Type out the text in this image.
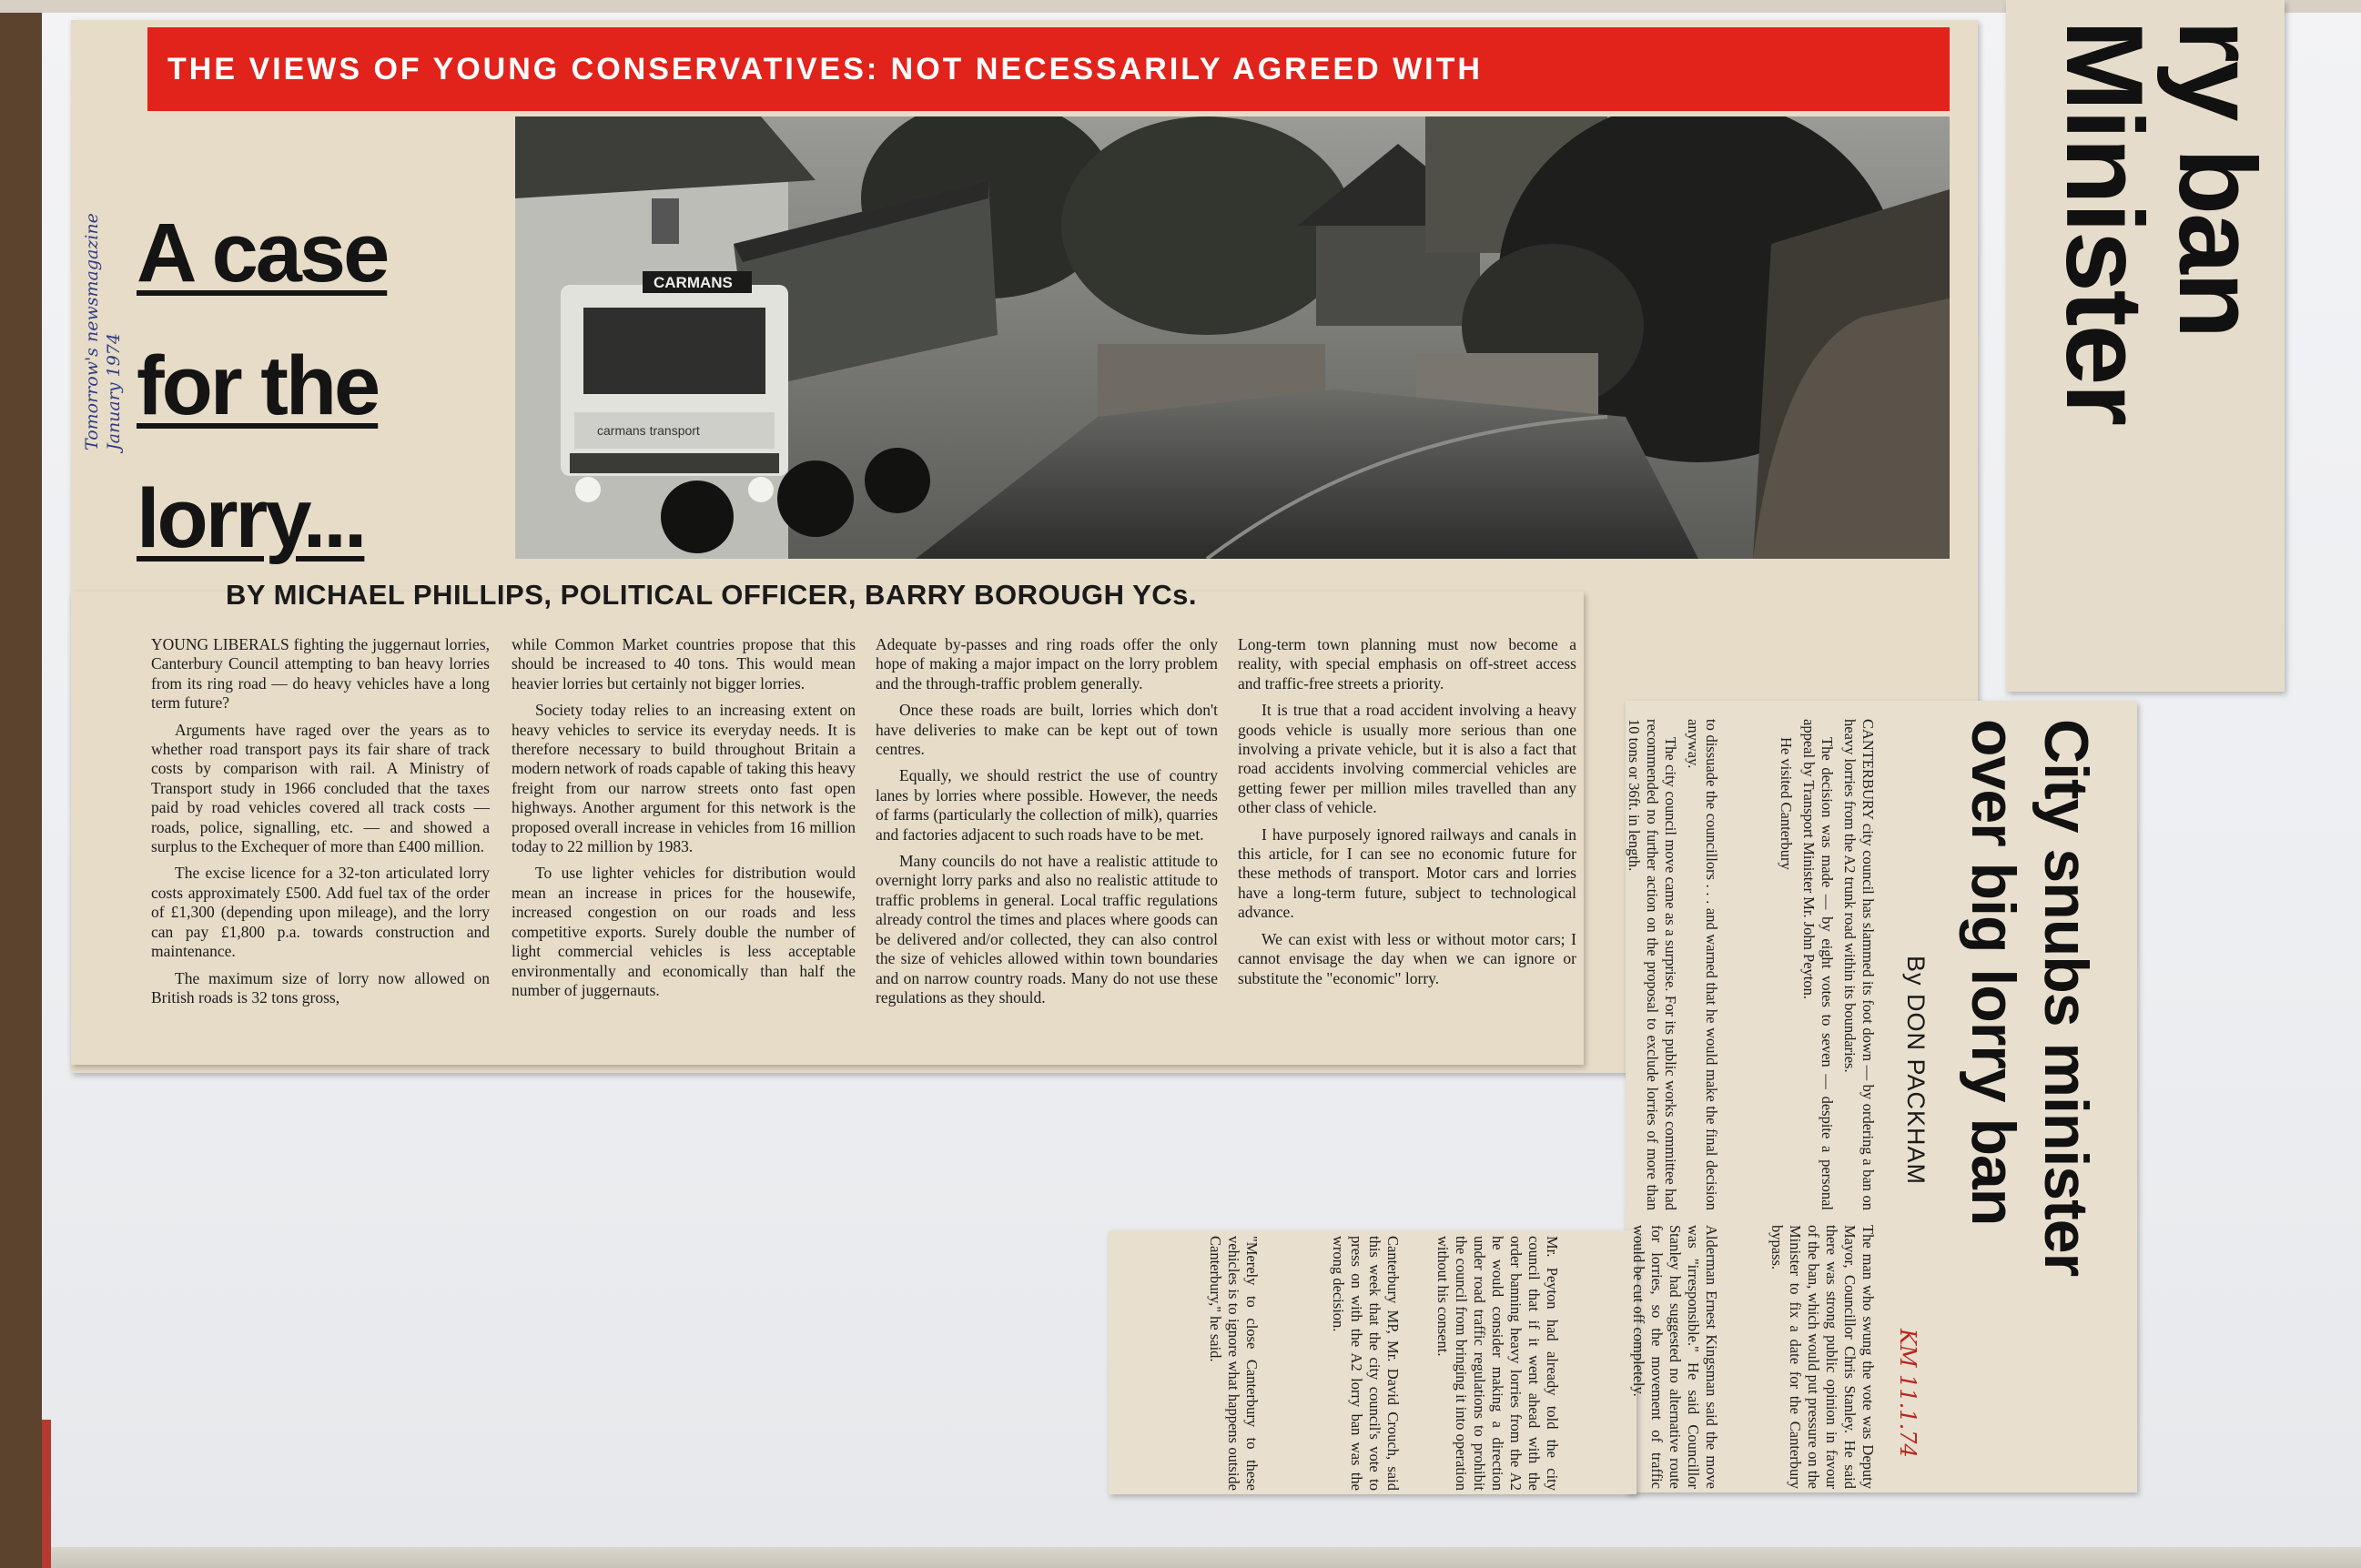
THE VIEWS OF YOUNG CONSERVATIVES: NOT NECESSARILY AGREED WITH
Tomorrow's newsmagazine January 1974
A case
for the
lorry...
CARMANS
carmans transport
BY MICHAEL PHILLIPS, POLITICAL OFFICER, BARRY BOROUGH YCs.

YOUNG LIBERALS fighting the juggernaut lorries, Canterbury Council attempting to ban heavy lorries from its ring road — do heavy vehicles have a long term future?

Arguments have raged over the years as to whether road transport pays its fair share of track costs by comparison with rail. A Ministry of Transport study in 1966 concluded that the taxes paid by road vehicles covered all track costs — roads, police, signalling, etc. — and showed a surplus to the Exchequer of more than £400 million.

The excise licence for a 32-ton articulated lorry costs approximately £500. Add fuel tax of the order of £1,300 (depending upon mileage), and the lorry can pay £1,800 p.a. towards construction and maintenance.

The maximum size of lorry now allowed on British roads is 32 tons gross,

while Common Market countries propose that this should be increased to 40 tons. This would mean heavier lorries but certainly not bigger lorries.

Society today relies to an increasing extent on heavy vehicles to service its everyday needs. It is therefore necessary to build throughout Britain a modern network of roads capable of taking this heavy freight from our narrow streets onto fast open highways. Another argument for this network is the proposed overall increase in vehicles from 16 million today to 22 million by 1983.

To use lighter vehicles for distribution would mean an increase in prices for the housewife, increased congestion on our roads and less competitive exports. Surely double the number of light commercial vehicles is less acceptable environmentally and economically than half the number of juggernauts.

Adequate by-passes and ring roads offer the only hope of making a major impact on the lorry problem and the through-traffic problem generally.

Once these roads are built, lorries which don't have deliveries to make can be kept out of town centres.

Equally, we should restrict the use of country lanes by lorries where possible. However, the needs of farms (particularly the collection of milk), quarries and factories adjacent to such roads have to be met.

Many councils do not have a realistic attitude to overnight lorry parks and also no realistic attitude to traffic problems in general. Local traffic regulations already control the times and places where goods can be delivered and/or collected, they can also control the size of vehicles allowed within town boundaries and on narrow country roads. Many do not use these regulations as they should.

Long-term town planning must now become a reality, with special emphasis on off-street access and traffic-free streets a priority.

It is true that a road accident involving a heavy goods vehicle is usually more serious than one involving a private vehicle, but it is also a fact that road accidents involving commercial vehicles are getting fewer per million miles travelled than any other class of vehicle.

I have purposely ignored railways and canals in this article, for I can see no economic future for these methods of transport. Motor cars and lorries have a long-term future, subject to technological advance.

We can exist with less or without motor cars; I cannot envisage the day when we can ignore or substitute the "economic" lorry.

ry ban
Minister
City snubs minister
over big lorry ban
By DON PACKHAM
KM 11.1.74

CANTERBURY city council has slammed its foot down — by ordering a ban on heavy lorries from the A2 trunk road within its boundaries.

The decision was made — by eight votes to seven — despite a personal appeal by Transport Minister Mr. John Peyton.

He visited Canterbury

to dissuade the councillors . . . and warned that he would make the final decision anyway.

The city council move came as a surprise. For its public works committee had recommended no further action on the proposal to exclude lorries of more than 10 tons or 36ft. in length.

The man who swung the vote was Deputy Mayor, Councillor Chris Stanley. He said there was strong public opinion in favour of the ban, which would put pressure on the Minister to fix a date for the Canterbury bypass.

Alderman Ernest Kingsman said the move was "irresponsible." He said Councillor Stanley had suggested no alternative route for lorries, so the movement of traffic would be cut off completely.

Mr. Peyton had already told the city council that if it went ahead with the order banning heavy lorries from the A2 he would consider making a direction under road traffic regulations to prohibit the council from bringing it into operation without his consent.

Canterbury MP, Mr. David Crouch, said this week that the city council's vote to press on with the A2 lorry ban was the wrong decision.

"Merely to close Canterbury to these vehicles is to ignore what happens outside Canterbury," he said.
